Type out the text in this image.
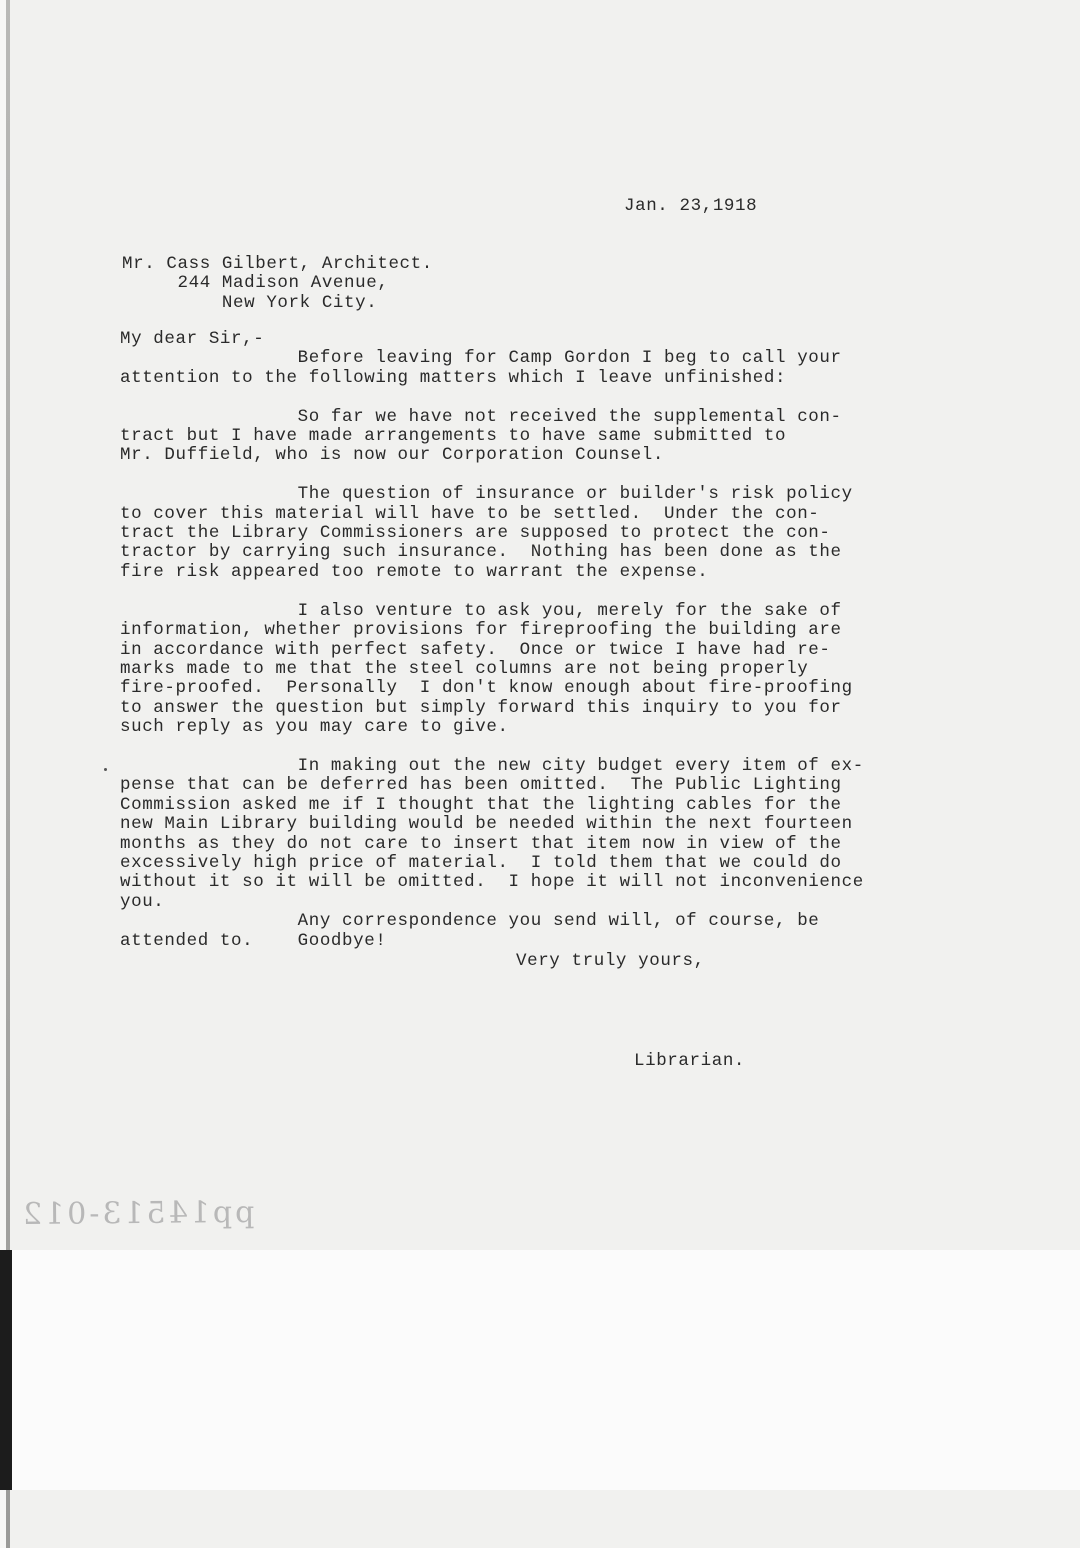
Jan. 23,1918
Mr. Cass Gilbert, Architect.
244 Madison Avenue,
New York City.
My dear Sir,-
Before leaving for Camp Gordon I beg to call your
attention to the following matters which I leave unfinished:

So far we have not received the supplemental con-
tract but I have made arrangements to have same submitted to
Mr. Duffield, who is now our Corporation Counsel.

The question of insurance or builder's risk policy
to cover this material will have to be settled.  Under the con-
tract the Library Commissioners are supposed to protect the con-
tractor by carrying such insurance.  Nothing has been done as the
fire risk appeared too remote to warrant the expense.

I also venture to ask you, merely for the sake of
information, whether provisions for fireproofing the building are
in accordance with perfect safety.  Once or twice I have had re-
marks made to me that the steel columns are not being properly
fire-proofed.  Personally  I don't know enough about fire-proofing
to answer the question but simply forward this inquiry to you for
such reply as you may care to give.

In making out the new city budget every item of ex-
pense that can be deferred has been omitted.  The Public Lighting
Commission asked me if I thought that the lighting cables for the
new Main Library building would be needed within the next fourteen
months as they do not care to insert that item now in view of the
excessively high price of material.  I told them that we could do
without it so it will be omitted.  I hope it will not inconvenience
you.
Any correspondence you send will, of course, be
attended to.    Goodbye!
Very truly yours,
Librarian.
pp14513-012
